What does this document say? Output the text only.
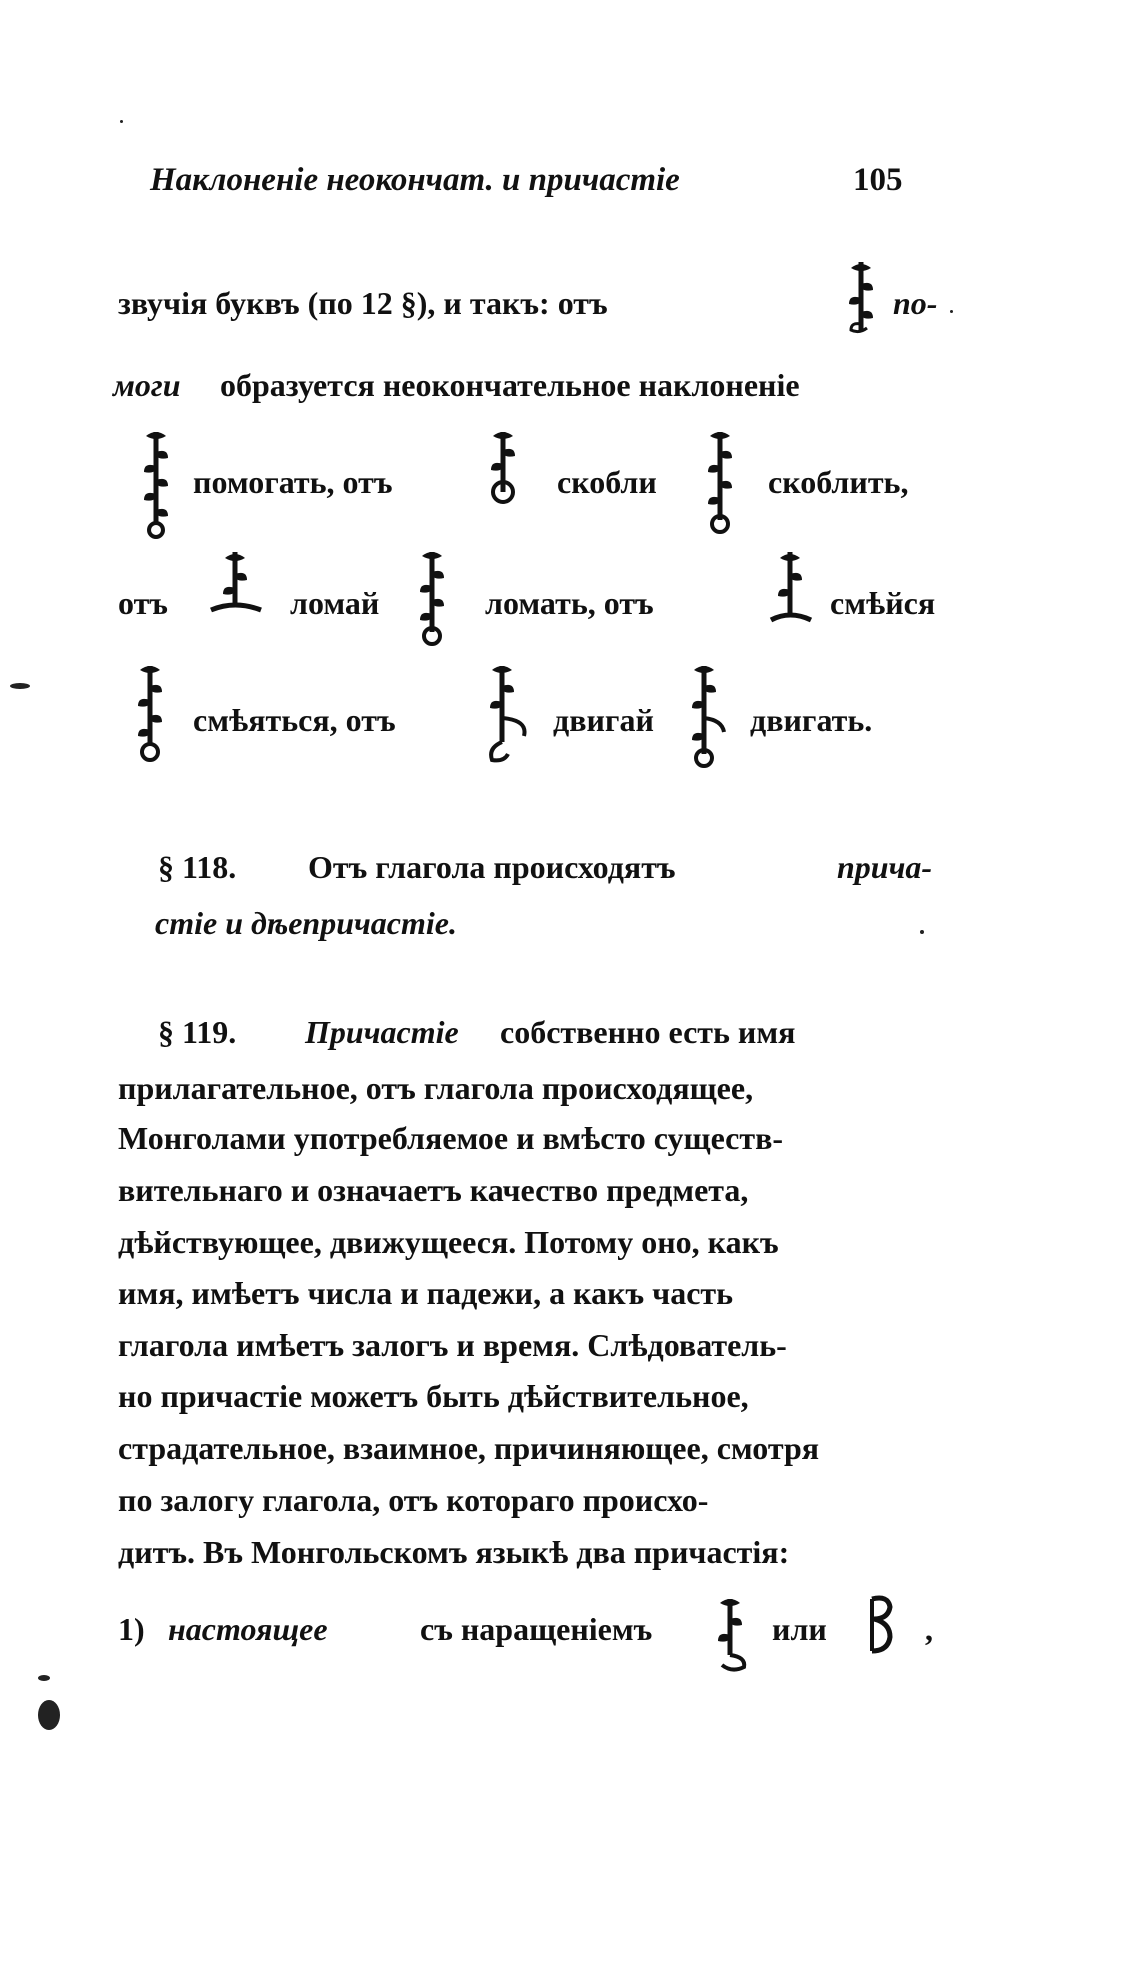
Наклоненіе неокончат. и причастіе	105
звучія буквъ (по 12 §), и такъ: отъ	по-
моги образуется неокончательное наклоненіе
помогать, отъ	скобли	скоблить,
отъ	ломай	ломать, отъ	смѣйся
смѣяться, отъ	двигай	двигать.
§ 118. Отъ глагола происходятъ	прича-
стіе и дѣепричастіе.
§ 119. Причастіе собственно есть имя
прилагательное, отъ глагола происходящее,
Монголами употребляемое и вмѣсто существ-
вительнаго и означаетъ качество предмета,
дѣйствующее, движущееся. Потому оно, какъ
имя, имѣетъ числа и падежи, а какъ часть
глагола имѣетъ залогъ и время. Слѣдователь-
но причастіе можетъ быть дѣйствительное,
страдательное, взаимное, причиняющее, смотря
по залогу глагола, отъ котораго происхо-
дитъ. Въ Монгольскомъ языкѣ два причастія:
1) настоящее	съ наращеніемъ	или	,
